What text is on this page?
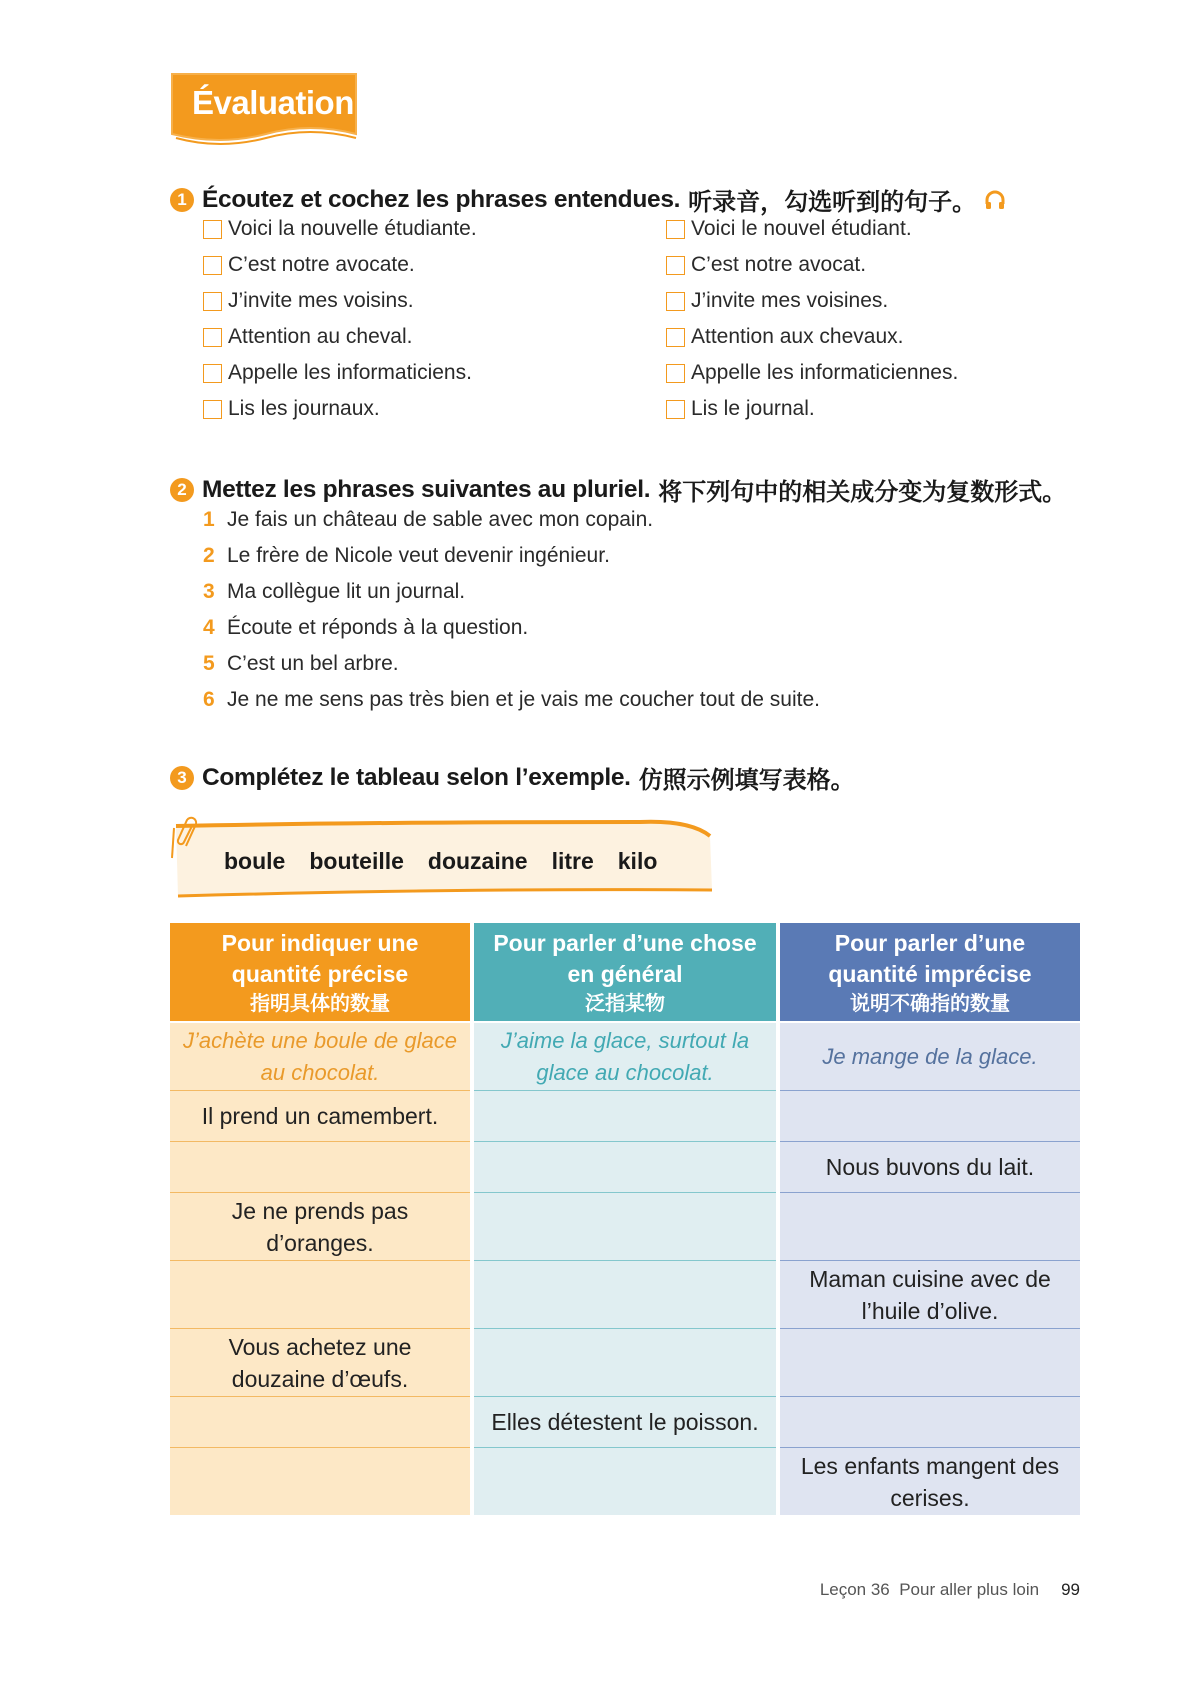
Évaluation
1 Écoutez et cochez les phrases entendues. 听录音，勾选听到的句子。
Voici la nouvelle étudiante.
C’est notre avocate.
J’invite mes voisins.
Attention au cheval.
Appelle les informaticiens.
Lis les journaux.
Voici le nouvel étudiant.
C’est notre avocat.
J’invite mes voisines.
Attention aux chevaux.
Appelle les informaticiennes.
Lis le journal.
2 Mettez les phrases suivantes au pluriel. 将下列句中的相关成分变为复数形式。
1 Je fais un château de sable avec mon copain.
2 Le frère de Nicole veut devenir ingénieur.
3 Ma collègue lit un journal.
4 Écoute et réponds à la question.
5 C’est un bel arbre.
6 Je ne me sens pas très bien et je vais me coucher tout de suite.
3 Complétez le tableau selon l’exemple. 仿照示例填写表格。
boule bouteille douzaine litre kilo
Pour indiquer une quantité précise
指明具体的数量
Pour parler d’une chose en général
泛指某物
Pour parler d’une quantité imprécise
说明不确指的数量
J’achète une boule de glace au chocolat.
J’aime la glace, surtout la glace au chocolat.
Je mange de la glace.
Il prend un camembert.
Nous buvons du lait.
Je ne prends pas d’oranges.
Maman cuisine avec de l’huile d’olive.
Vous achetez une douzaine d’œufs.
Elles détestent le poisson.
Les enfants mangent des cerises.
Leçon 36 Pour aller plus loin 99
